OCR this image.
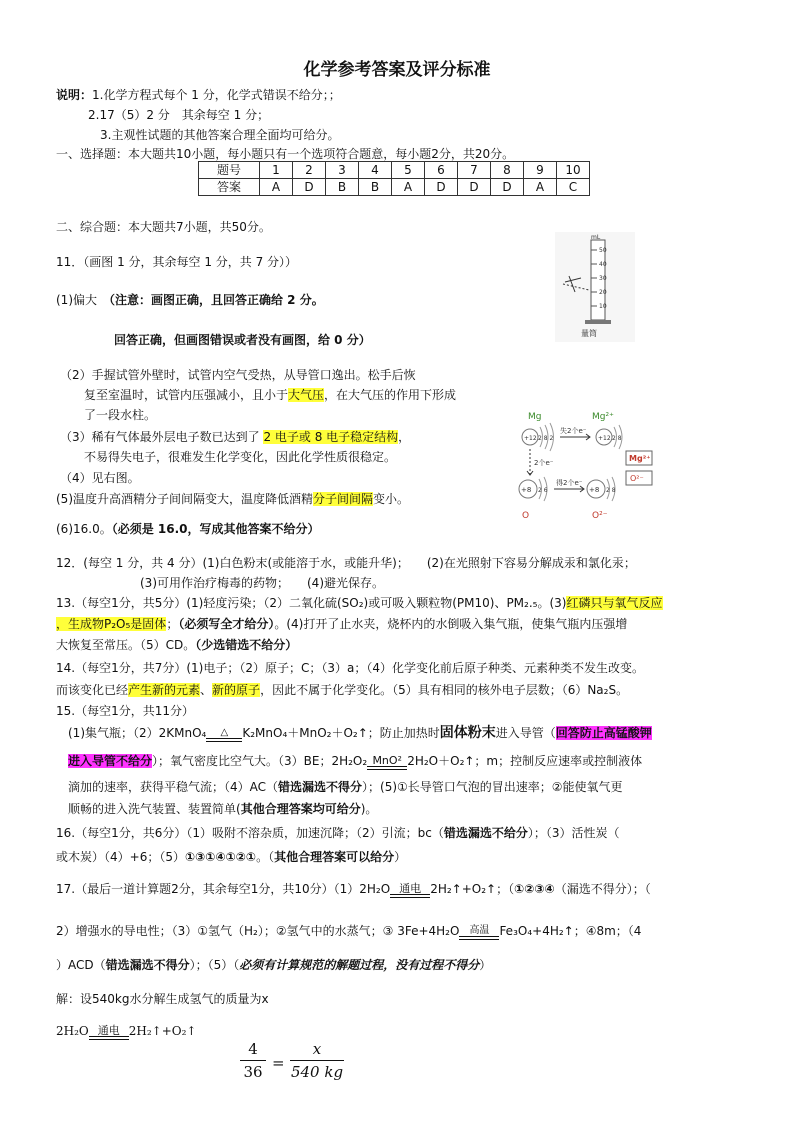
化学参考答案及评分标准
说明：1.化学方程式每个 1 分，化学式错误不给分；；
2.17（5）2 分　其余每空 1 分；
3.主观性试题的其他答案合理全面均可给分。
一、选择题：本大题共10小题，每小题只有一个选项符合题意，每小题2分，共20分。
题号	1	2	3	4	5	6	7	8	9	10
答案	A	D	B	B	A	D	D	D	A	C
二、综合题：本大题共7小题，共50分。
11．（画图 1 分，其余每空 1 分，共 7 分））
(1)偏大　（注意：画图正确，且回答正确给 2 分。
回答正确，但画图错误或者没有画图，给 0 分）
mL
50
40
30
20
10
量筒
（2）手握试管外壁时，试管内空气受热，从导管口逸出。松手后恢
复至室温时，试管内压强减小，且小于大气压，在大气压的作用下形成
了一段水柱。
（3）稀有气体最外层电子数已达到了 2 电子或 8 电子稳定结构，
不易得失电子，很难发生化学变化，因此化学性质很稳定。
（4）见右图。
(5)温度升高酒精分子间间隔变大，温度降低酒精分子间间隔变小。
(6)16.0。（必须是 16.0，写成其他答案不给分）
Mg	Mg²⁺
+12 2 8 2
失2个e⁻
+12 2 8
2个e⁻
+8 2 6
得2个e⁻
+8 2 8
O	O²⁻
Mg²⁺
O²⁻
12．(每空 1 分，共 4 分）(1)白色粉末(或能溶于水，或能升华)；　　(2)在光照射下容易分解成汞和氯化汞；
(3)可用作治疗梅毒的药物；　　(4)避光保存。
13.（每空1分，共5分）(1)轻度污染；（2）二氧化硫(SO₂)或可吸入颗粒物(PM10)、PM₂.₅。(3)红磷只与氧气反应
，生成物P₂O₅是固体；（必须写全才给分）。(4)打开了止水夹，烧杯内的水倒吸入集气瓶，使集气瓶内压强增
大恢复至常压。（5）CD。（少选错选不给分）
14.（每空1分，共7分）(1)电子；（2）原子；C；（3）a；（4）化学变化前后原子种类、元素种类不发生改变。
而该变化已经产生新的元素、新的原子，因此不属于化学变化。（5）具有相同的核外电子层数；（6）Na₂S。
15.（每空1分，共11分）
(1)集气瓶；（2）2KMnO₄	△	K₂MnO₄＋MnO₂＋O₂↑；防止加热时固体粉末进入导管（回答防止高锰酸钾
进入导管不给分）；氧气密度比空气大。（3）BE；2H₂O₂ MnO² 2H₂O＋O₂↑；m；控制反应速率或控制液体
滴加的速率，获得平稳气流；（4）AC（错选漏选不得分）；(5)①长导管口气泡的冒出速率；②能使氧气更
顺畅的进入洗气装置、装置简单(其他合理答案均可给分)。
16.（每空1分，共6分）（1）吸附不溶杂质，加速沉降；（2）引流；bc（错选漏选不给分）；（3）活性炭（
或木炭）（4）+6；（5）①③①④①②①。（其他合理答案可以给分）
17.（最后一道计算题2分，其余每空1分，共10分）（1）2H₂O 通电 2H₂↑+O₂↑；（①②③④（漏选不得分）；（
2）增强水的导电性；（3）①氢气（H₂）；②氢气中的水蒸气；③ 3Fe+4H₂O	高温 Fe₃O₄+4H₂↑；④8m；（4
）ACD（错选漏选不得分）；（5）（必须有计算规范的解题过程，没有过程不得分）
解：设540kg水分解生成氢气的质量为x
2H₂O 通电 2H₂↑+O₂↑
4
36 =
x
540 kg
